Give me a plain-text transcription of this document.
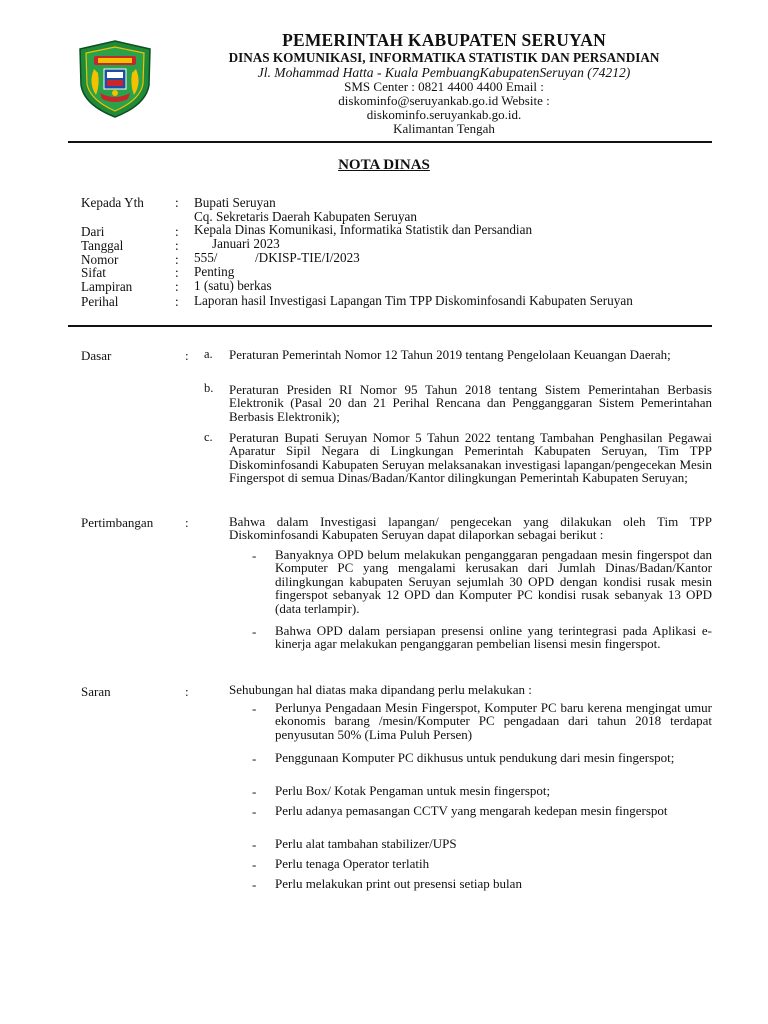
PEMERINTAH KABUPATEN SERUYAN
DINAS KOMUNIKASI, INFORMATIKA STATISTIK DAN PERSANDIAN
Jl. Mohammad Hatta - Kuala PembuangKabupatenSeruyan (74212)
SMS Center : 0821 4400 4400 Email :
diskominfo@seruyankab.go.id Website :
diskominfo.seruyankab.go.id.
Kalimantan Tengah
NOTA DINAS
Kepada Yth : Bupati Seruyan
Cq. Sekretaris Daerah Kabupaten Seruyan
Dari	: Kepala Dinas Komunikasi, Informatika Statistik dan Persandian
Tanggal	:	Januari 2023
Nomor	: 555/	/DKISP-TIE/I/2023
Sifat	: Penting
Lampiran	: 1 (satu) berkas
Perihal	: Laporan hasil Investigasi Lapangan Tim TPP Diskominfosandi Kabupaten Seruyan
Dasar	: a. Peraturan Pemerintah Nomor 12 Tahun 2019 tentang Pengelolaan Keuangan Daerah;
b. Peraturan Presiden RI Nomor 95 Tahun 2018 tentang Sistem Pemerintahan Berbasis Elektronik (Pasal 20 dan 21 Perihal Rencana dan Pengganggaran Sistem Pemerintahan Berbasis Elektronik);
c. Peraturan Bupati Seruyan Nomor 5 Tahun 2022 tentang Tambahan Penghasilan Pegawai Aparatur Sipil Negara di Lingkungan Pemerintah Kabupaten Seruyan, Tim TPP Diskominfosandi Kabupaten Seruyan melaksanakan investigasi lapangan/pengecekan Mesin Fingerspot di semua Dinas/Badan/Kantor dilingkungan Pemerintah Kabupaten Seruyan;
Pertimbangan :	Bahwa dalam Investigasi lapangan/ pengecekan yang dilakukan oleh Tim TPP Diskominfosandi Kabupaten Seruyan dapat dilaporkan sebagai berikut :
- Banyaknya OPD belum melakukan penganggaran pengadaan mesin fingerspot dan Komputer PC yang mengalami kerusakan dari Jumlah Dinas/Badan/Kantor dilingkungan kabupaten Seruyan sejumlah 30 OPD dengan kondisi rusak mesin fingerspot sebanyak 12 OPD dan Komputer PC kondisi rusak sebanyak 13 OPD (data terlampir).
- Bahwa OPD dalam persiapan presensi online yang terintegrasi pada Aplikasi e-kinerja agar melakukan penganggaran pembelian lisensi mesin fingerspot.
Saran	:	Sehubungan hal diatas maka dipandang perlu melakukan :
- Perlunya Pengadaan Mesin Fingerspot, Komputer PC baru kerena mengingat umur ekonomis barang /mesin/Komputer PC pengadaan dari tahun 2018 terdapat penyusutan 50% (Lima Puluh Persen)
- Penggunaan Komputer PC dikhusus untuk pendukung dari mesin fingerspot;
- Perlu Box/ Kotak Pengaman untuk mesin fingerspot;
- Perlu adanya pemasangan CCTV yang mengarah kedepan mesin fingerspot
- Perlu alat tambahan stabilizer/UPS
- Perlu tenaga Operator terlatih
- Perlu melakukan print out presensi setiap bulan
